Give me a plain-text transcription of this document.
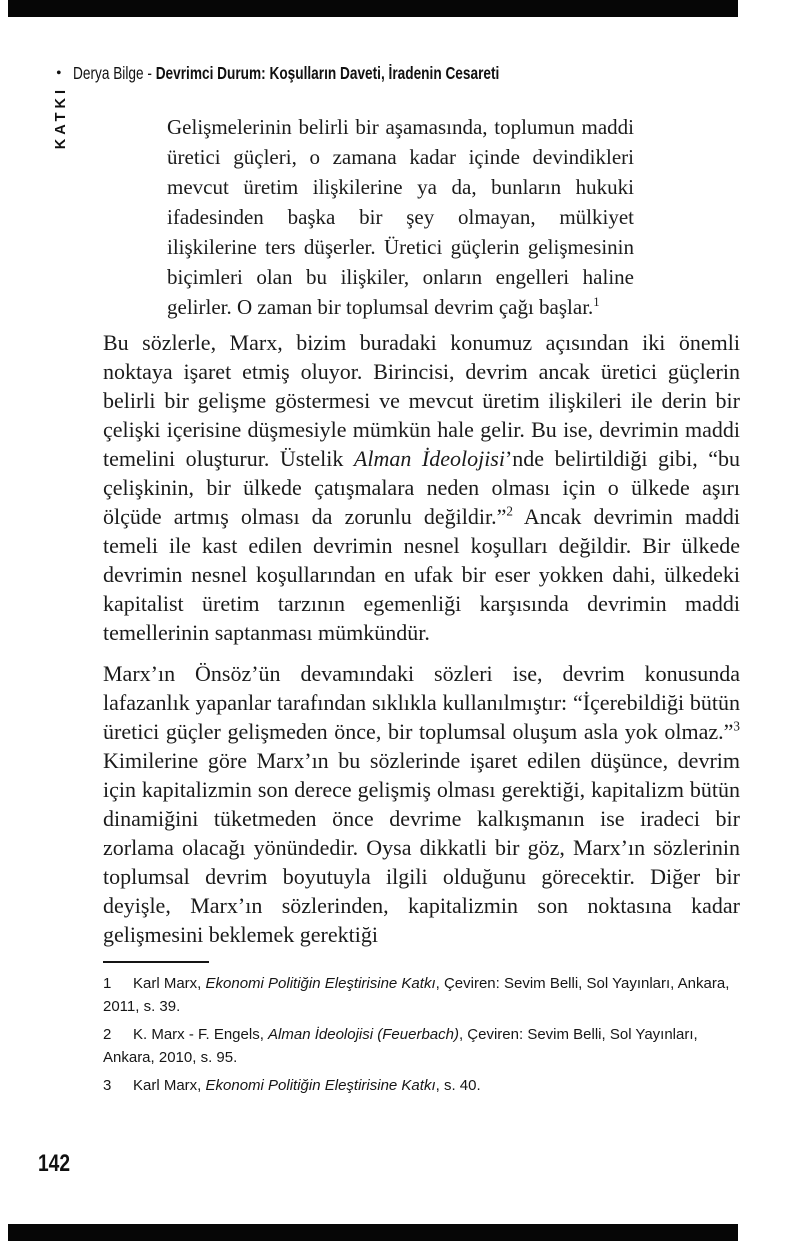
• Derya Bilge - Devrimci Durum: Koşulların Daveti, İradenin Cesareti
KATKI	Gelişmelerinin belirli bir aşamasında, toplumun maddi üretici güçleri, o zamana kadar içinde devindikleri mevcut üretim ilişkilerine ya da, bunların hukuki ifadesinden başka bir şey olmayan, mülkiyet ilişkilerine ters düşerler. Üretici güçlerin gelişmesinin biçimleri olan bu ilişkiler, onların engelleri haline gelirler. O zaman bir toplumsal devrim çağı başlar.$^1$
Bu sözlerle, Marx, bizim buradaki konumuz açısından iki önemli noktaya işaret etmiş oluyor. Birincisi, devrim ancak üretici güçlerin belirli bir gelişme göstermesi ve mevcut üretim ilişkileri ile derin bir çelişki içerisine düşmesiyle mümkün hale gelir. Bu ise, devrimin maddi temelini oluşturur. Üstelik Alman İdeolojisi’nde belirtildiği gibi, “bu çelişkinin, bir ülkede çatışmalara neden olması için o ülkede aşırı ölçüde artmış olması da zorunlu değildir.”$^2$ Ancak devrimin maddi temeli ile kast edilen devrimin nesnel koşulları değildir. Bir ülkede devrimin nesnel koşullarından en ufak bir eser yokken dahi, ülkedeki kapitalist üretim tarzının egemenliği karşısında devrimin maddi temellerinin saptanması mümkündür.
Marx’ın Önsöz’ün devamındaki sözleri ise, devrim konusunda lafazanlık yapanlar tarafından sıklıkla kullanılmıştır: “İçerebildiği bütün üretici güçler gelişmeden önce, bir toplumsal oluşum asla yok olmaz.”$^3$ Kimilerine göre Marx’ın bu sözlerinde işaret edilen düşünce, devrim için kapitalizmin son derece gelişmiş olması gerektiği, kapitalizm bütün dinamiğini tüketmeden önce devrime kalkışmanın ise iradeci bir zorlama olacağı yönündedir. Oysa dikkatli bir göz, Marx’ın sözlerinin toplumsal devrim boyutuyla ilgili olduğunu görecektir. Diğer bir deyişle, Marx’ın sözlerinden, kapitalizmin son noktasına kadar gelişmesini beklemek gerektiği
1 Karl Marx, Ekonomi Politiğin Eleştirisine Katkı, Çeviren: Sevim Belli, Sol Yayınları, Ankara, 2011, s. 39.
2 K. Marx - F. Engels, Alman İdeolojisi (Feuerbach), Çeviren: Sevim Belli, Sol Yayınları, Ankara, 2010, s. 95.
3 Karl Marx, Ekonomi Politiğin Eleştirisine Katkı, s. 40.
142
